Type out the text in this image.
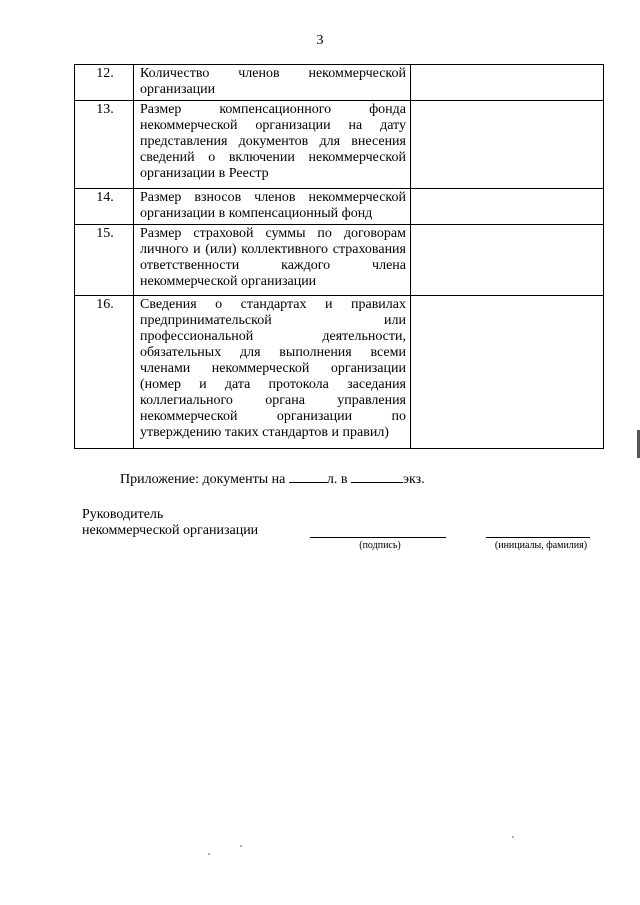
3
12.	Количество членов некоммерческой организации	
13.	Размер компенсационного фонда некоммерческой организации на дату представления документов для внесения сведений о включении некоммерческой организации в Реестр	
14.	Размер взносов членов некоммерческой организации в компенсационный фонд	
15.	Размер страховой суммы по договорам личного и (или) коллективного страхования ответственности каждого члена некоммерческой организации	
16.	Сведения о стандартах и правилах предпринимательской или профессиональной деятельности, обязательных для выполнения всеми членами некоммерческой организации (номер и дата протокола заседания коллегиального органа управления некоммерческой организации по утверждению таких стандартов и правил)	
Приложение: документы на	л. в	экз.
Руководитель
некоммерческой организации
(подпись)	(инициалы, фамилия)
